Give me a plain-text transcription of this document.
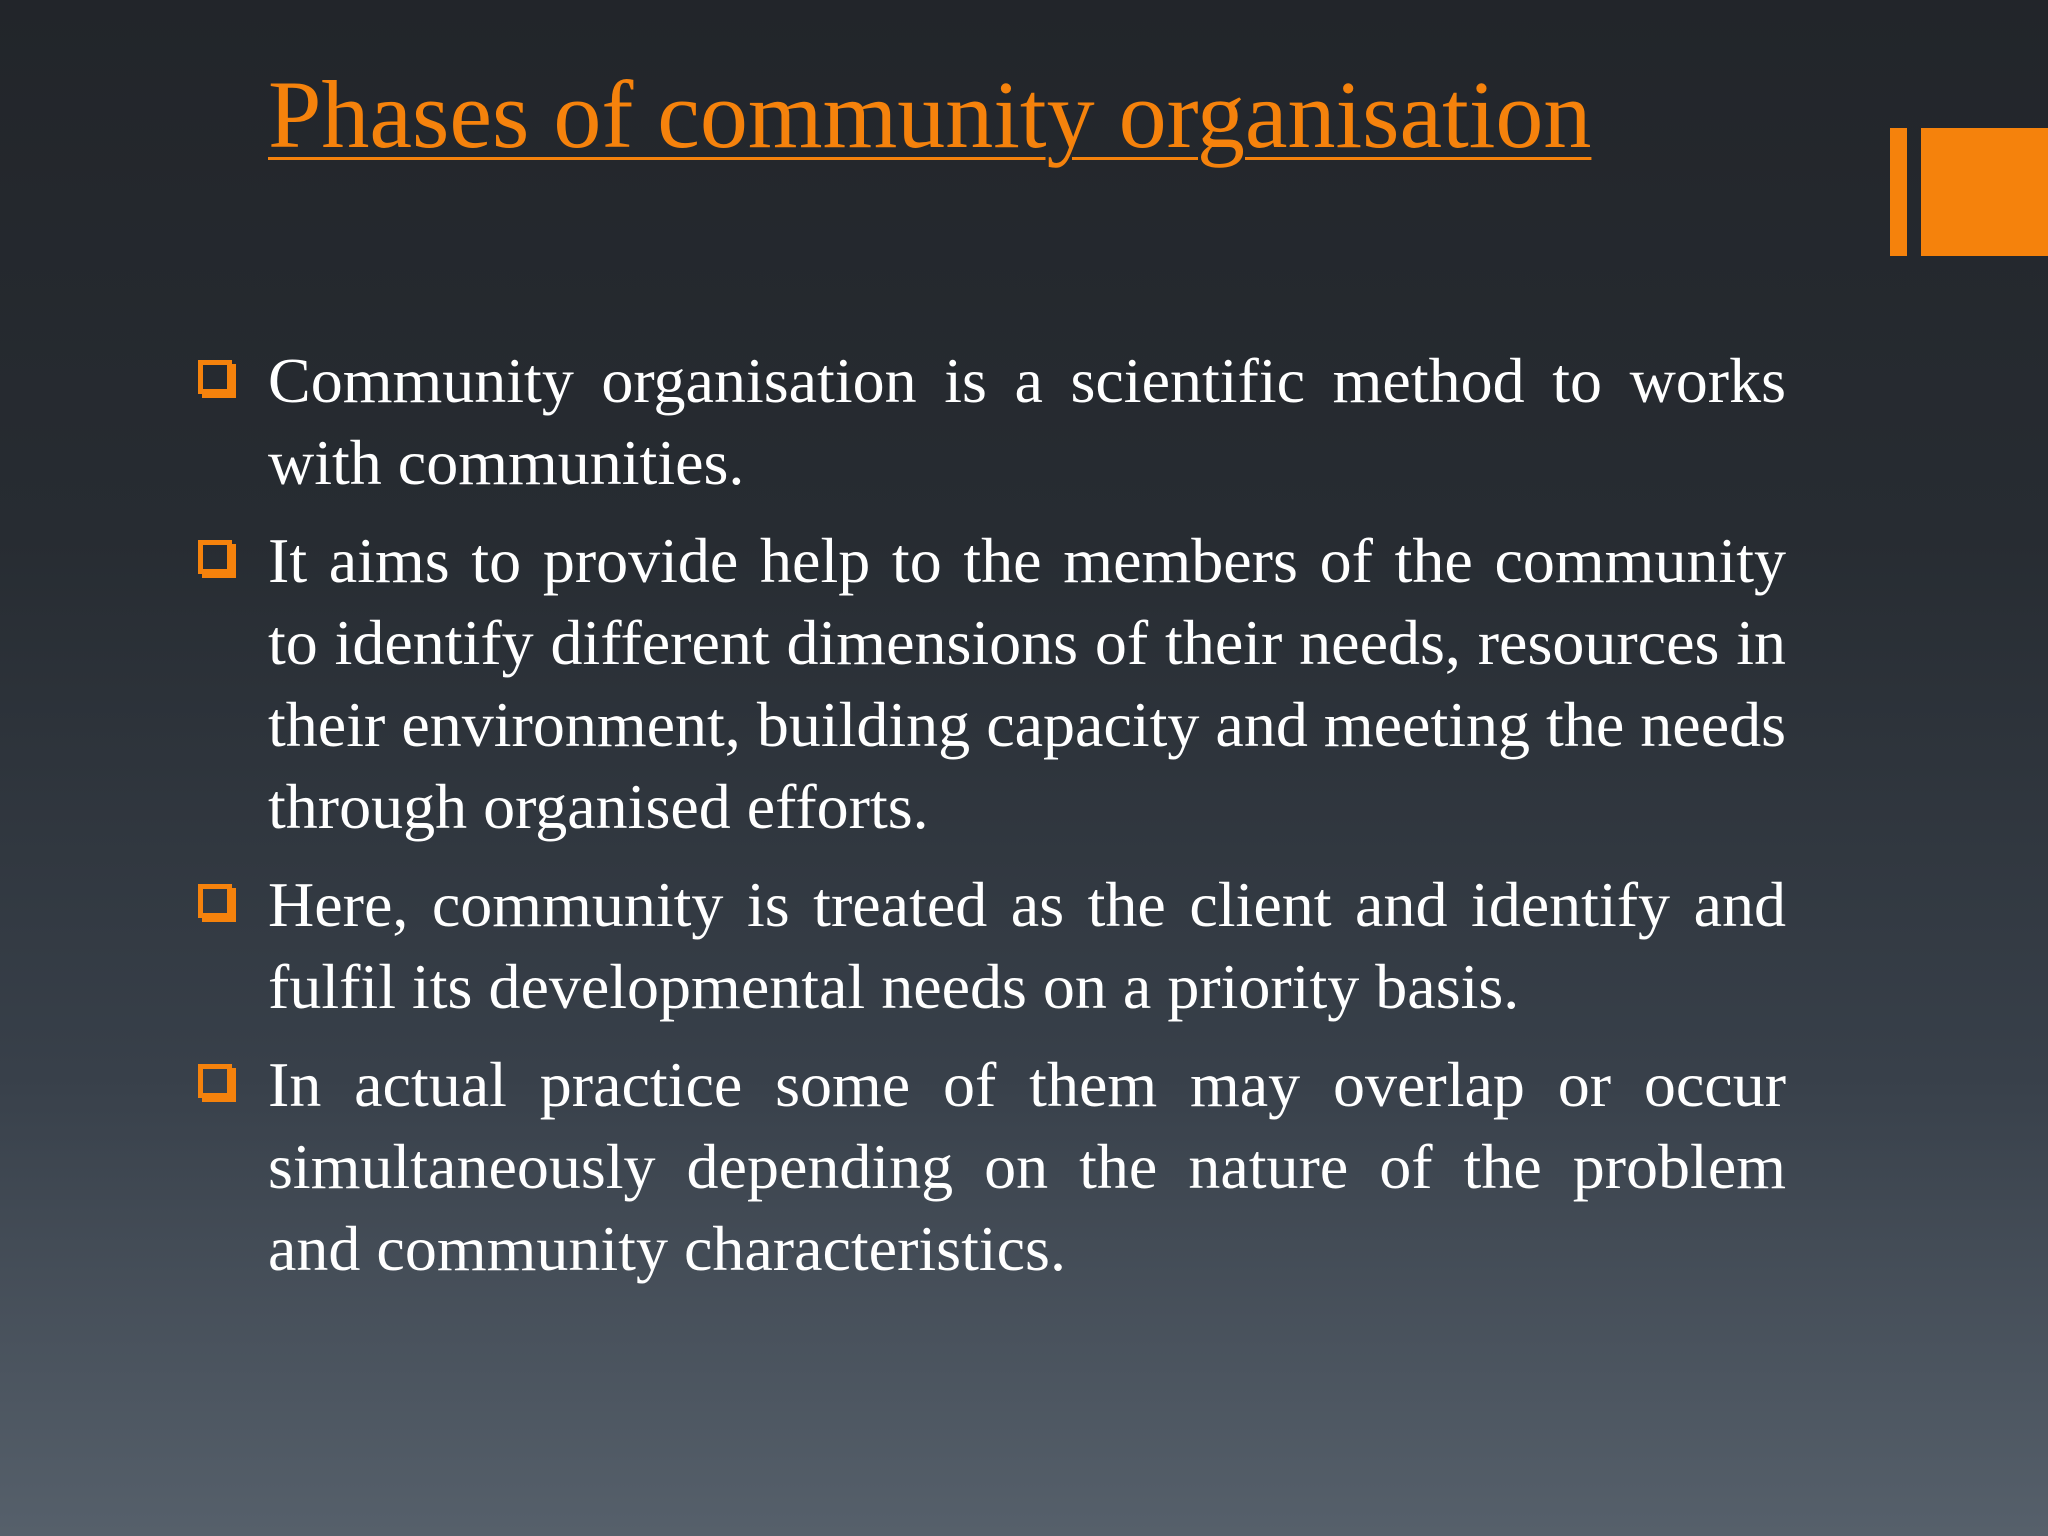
Phases of community organisation
Community organisation is a scientific method to works with communities.
It aims to provide help to the members of the community to identify different dimensions of their needs, resources in their environment, building capacity and meeting the needs through organised efforts.
Here, community is treated as the client and identify and fulfil its developmental needs on a priority basis.
In actual practice some of them may overlap or occur simultaneously depending on the nature of the problem and community characteristics.
